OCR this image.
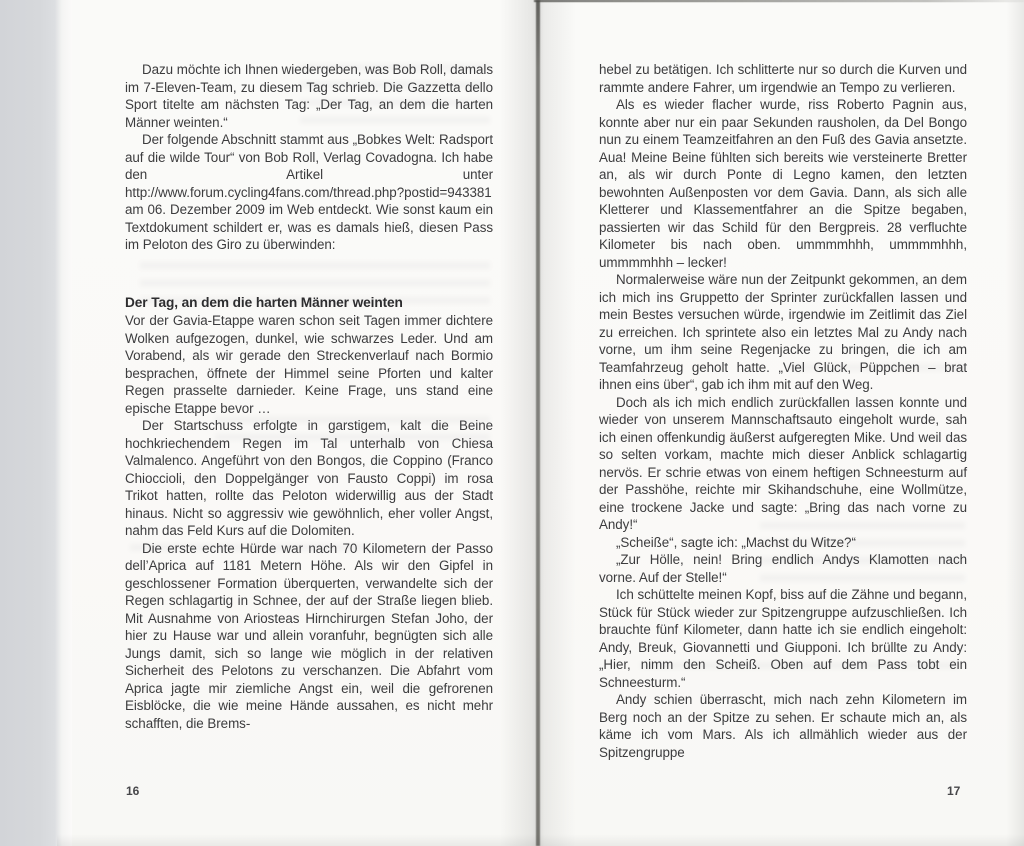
Dazu möchte ich Ihnen wiedergeben, was Bob Roll, damals im 7-Eleven-Team, zu diesem Tag schrieb. Die Gazzetta dello Sport titelte am nächsten Tag: „Der Tag, an dem die harten Männer weinten.“

Der folgende Abschnitt stammt aus „Bobkes Welt: Radsport auf die wilde Tour“ von Bob Roll, Verlag Covadogna. Ich habe den Artikel unter http://www.forum.cycling4fans.com/thread.php?postid=943381 am 06. Dezember 2009 im Web entdeckt. Wie sonst kaum ein Textdokument schildert er, was es damals hieß, diesen Pass im Peloton des Giro zu überwinden:

Der Tag, an dem die harten Männer weinten

Vor der Gavia-Etappe waren schon seit Tagen immer dichtere Wolken aufgezogen, dunkel, wie schwarzes Leder. Und am Vorabend, als wir gerade den Streckenverlauf nach Bormio besprachen, öffnete der Himmel seine Pforten und kalter Regen prasselte darnieder. Keine Frage, uns stand eine epische Etappe bevor …

Der Startschuss erfolgte in garstigem, kalt die Beine hochkriechendem Regen im Tal unterhalb von Chiesa Valmalenco. Angeführt von den Bongos, die Coppino (Franco Chioccioli, den Doppelgänger von Fausto Coppi) im rosa Trikot hatten, rollte das Peloton widerwillig aus der Stadt hinaus. Nicht so aggressiv wie gewöhnlich, eher voller Angst, nahm das Feld Kurs auf die Dolomiten.

Die erste echte Hürde war nach 70 Kilometern der Passo dell’Aprica auf 1181 Metern Höhe. Als wir den Gipfel in geschlossener Formation überquerten, verwandelte sich der Regen schlagartig in Schnee, der auf der Straße liegen blieb. Mit Ausnahme von Ariosteas Hirnchirurgen Stefan Joho, der hier zu Hause war und allein voranfuhr, begnügten sich alle Jungs damit, sich so lange wie möglich in der relativen Sicherheit des Pelotons zu verschanzen. Die Abfahrt vom Aprica jagte mir ziemliche Angst ein, weil die gefrorenen Eisblöcke, die wie meine Hände aussahen, es nicht mehr schafften, die Brems-

hebel zu betätigen. Ich schlitterte nur so durch die Kurven und rammte andere Fahrer, um irgendwie an Tempo zu verlieren.

Als es wieder flacher wurde, riss Roberto Pagnin aus, konnte aber nur ein paar Sekunden rausholen, da Del Bongo nun zu einem Teamzeitfahren an den Fuß des Gavia ansetzte. Aua! Meine Beine fühlten sich bereits wie versteinerte Bretter an, als wir durch Ponte di Legno kamen, den letzten bewohnten Außenposten vor dem Gavia. Dann, als sich alle Kletterer und Klassementfahrer an die Spitze begaben, passierten wir das Schild für den Bergpreis. 28 verfluchte Kilometer bis nach oben. ummmmhhh, ummmmhhh, ummmmhhh – lecker!

Normalerweise wäre nun der Zeitpunkt gekommen, an dem ich mich ins Gruppetto der Sprinter zurückfallen lassen und mein Bestes versuchen würde, irgendwie im Zeitlimit das Ziel zu erreichen. Ich sprintete also ein letztes Mal zu Andy nach vorne, um ihm seine Regenjacke zu bringen, die ich am Teamfahrzeug geholt hatte. „Viel Glück, Püppchen – brat ihnen eins über“, gab ich ihm mit auf den Weg.

Doch als ich mich endlich zurückfallen lassen konnte und wieder von unserem Mannschaftsauto eingeholt wurde, sah ich einen offenkundig äußerst aufgeregten Mike. Und weil das so selten vorkam, machte mich dieser Anblick schlagartig nervös. Er schrie etwas von einem heftigen Schneesturm auf der Passhöhe, reichte mir Skihandschuhe, eine Wollmütze, eine trockene Jacke und sagte: „Bring das nach vorne zu Andy!“

„Scheiße“, sagte ich: „Machst du Witze?“

„Zur Hölle, nein! Bring endlich Andys Klamotten nach vorne. Auf der Stelle!“

Ich schüttelte meinen Kopf, biss auf die Zähne und begann, Stück für Stück wieder zur Spitzengruppe aufzuschließen. Ich brauchte fünf Kilometer, dann hatte ich sie endlich eingeholt: Andy, Breuk, Giovannetti und Giupponi. Ich brüllte zu Andy: „Hier, nimm den Scheiß. Oben auf dem Pass tobt ein Schneesturm.“

Andy schien überrascht, mich nach zehn Kilometern im Berg noch an der Spitze zu sehen. Er schaute mich an, als käme ich vom Mars. Als ich allmählich wieder aus der Spitzengruppe

16	17
